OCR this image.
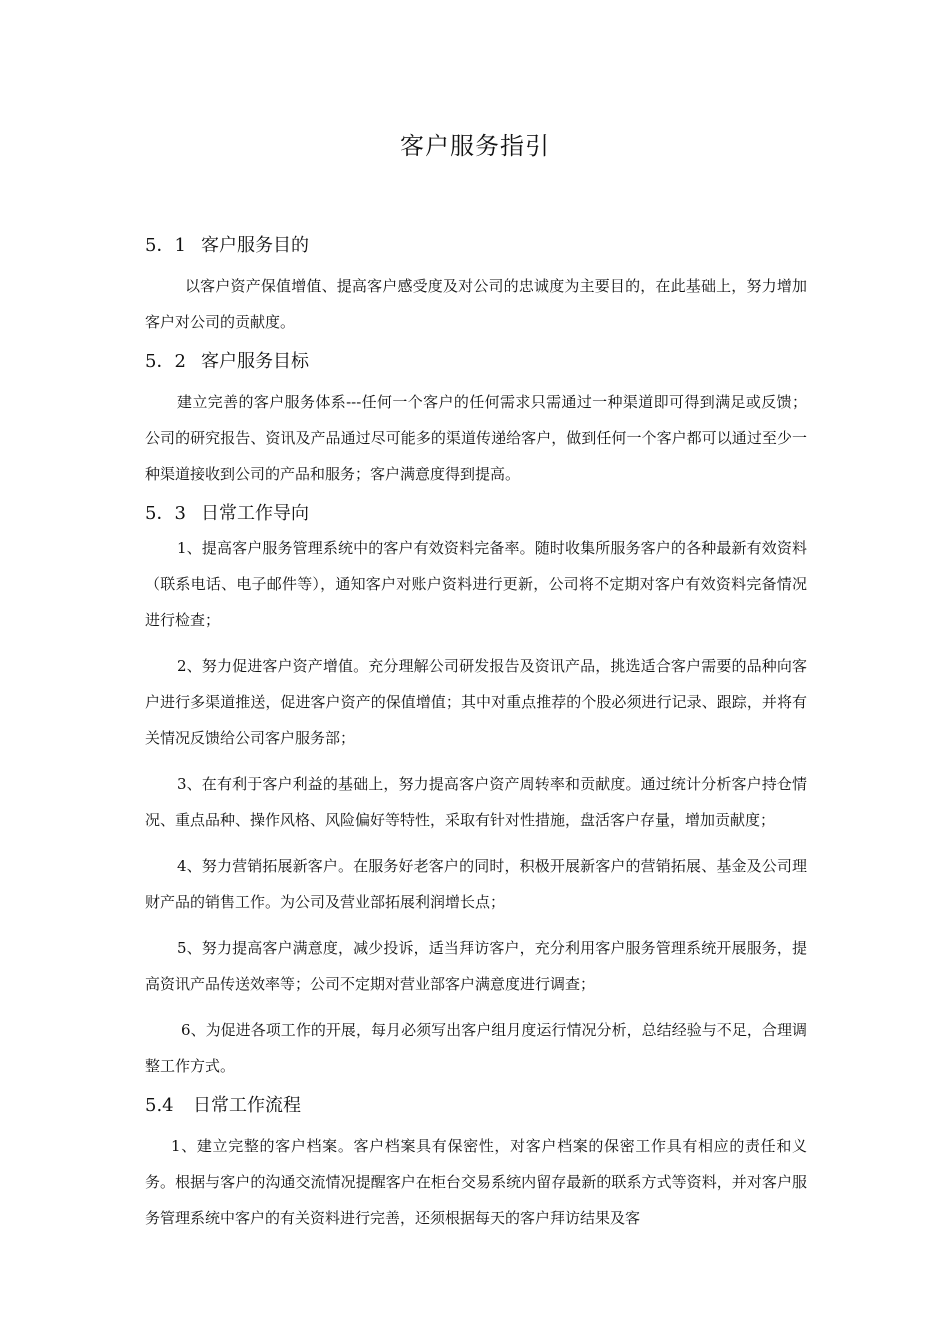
客户服务指引
5．1 客户服务目的

以客户资产保值增值、提高客户感受度及对公司的忠诚度为主要目的，在此基础上，努力增加客户对公司的贡献度。

5．2 客户服务目标

建立完善的客户服务体系---任何一个客户的任何需求只需通过一种渠道即可得到满足或反馈；公司的研究报告、资讯及产品通过尽可能多的渠道传递给客户，做到任何一个客户都可以通过至少一种渠道接收到公司的产品和服务；客户满意度得到提高。

5．3 日常工作导向

1、提高客户服务管理系统中的客户有效资料完备率。随时收集所服务客户的各种最新有效资料（联系电话、电子邮件等），通知客户对账户资料进行更新，公司将不定期对客户有效资料完备情况进行检查；

2、努力促进客户资产增值。充分理解公司研发报告及资讯产品，挑选适合客户需要的品种向客户进行多渠道推送，促进客户资产的保值增值；其中对重点推荐的个股必须进行记录、跟踪，并将有关情况反馈给公司客户服务部；

3、在有利于客户利益的基础上，努力提高客户资产周转率和贡献度。通过统计分析客户持仓情况、重点品种、操作风格、风险偏好等特性，采取有针对性措施，盘活客户存量，增加贡献度；

4、努力营销拓展新客户。在服务好老客户的同时，积极开展新客户的营销拓展、基金及公司理财产品的销售工作。为公司及营业部拓展利润增长点；

5、努力提高客户满意度，减少投诉，适当拜访客户，充分利用客户服务管理系统开展服务，提高资讯产品传送效率等；公司不定期对营业部客户满意度进行调查；

6、为促进各项工作的开展，每月必须写出客户组月度运行情况分析，总结经验与不足，合理调整工作方式。

5.4 日常工作流程

1、建立完整的客户档案。客户档案具有保密性，对客户档案的保密工作具有相应的责任和义务。根据与客户的沟通交流情况提醒客户在柜台交易系统内留存最新的联系方式等资料，并对客户服务管理系统中客户的有关资料进行完善，还须根据每天的客户拜访结果及客
